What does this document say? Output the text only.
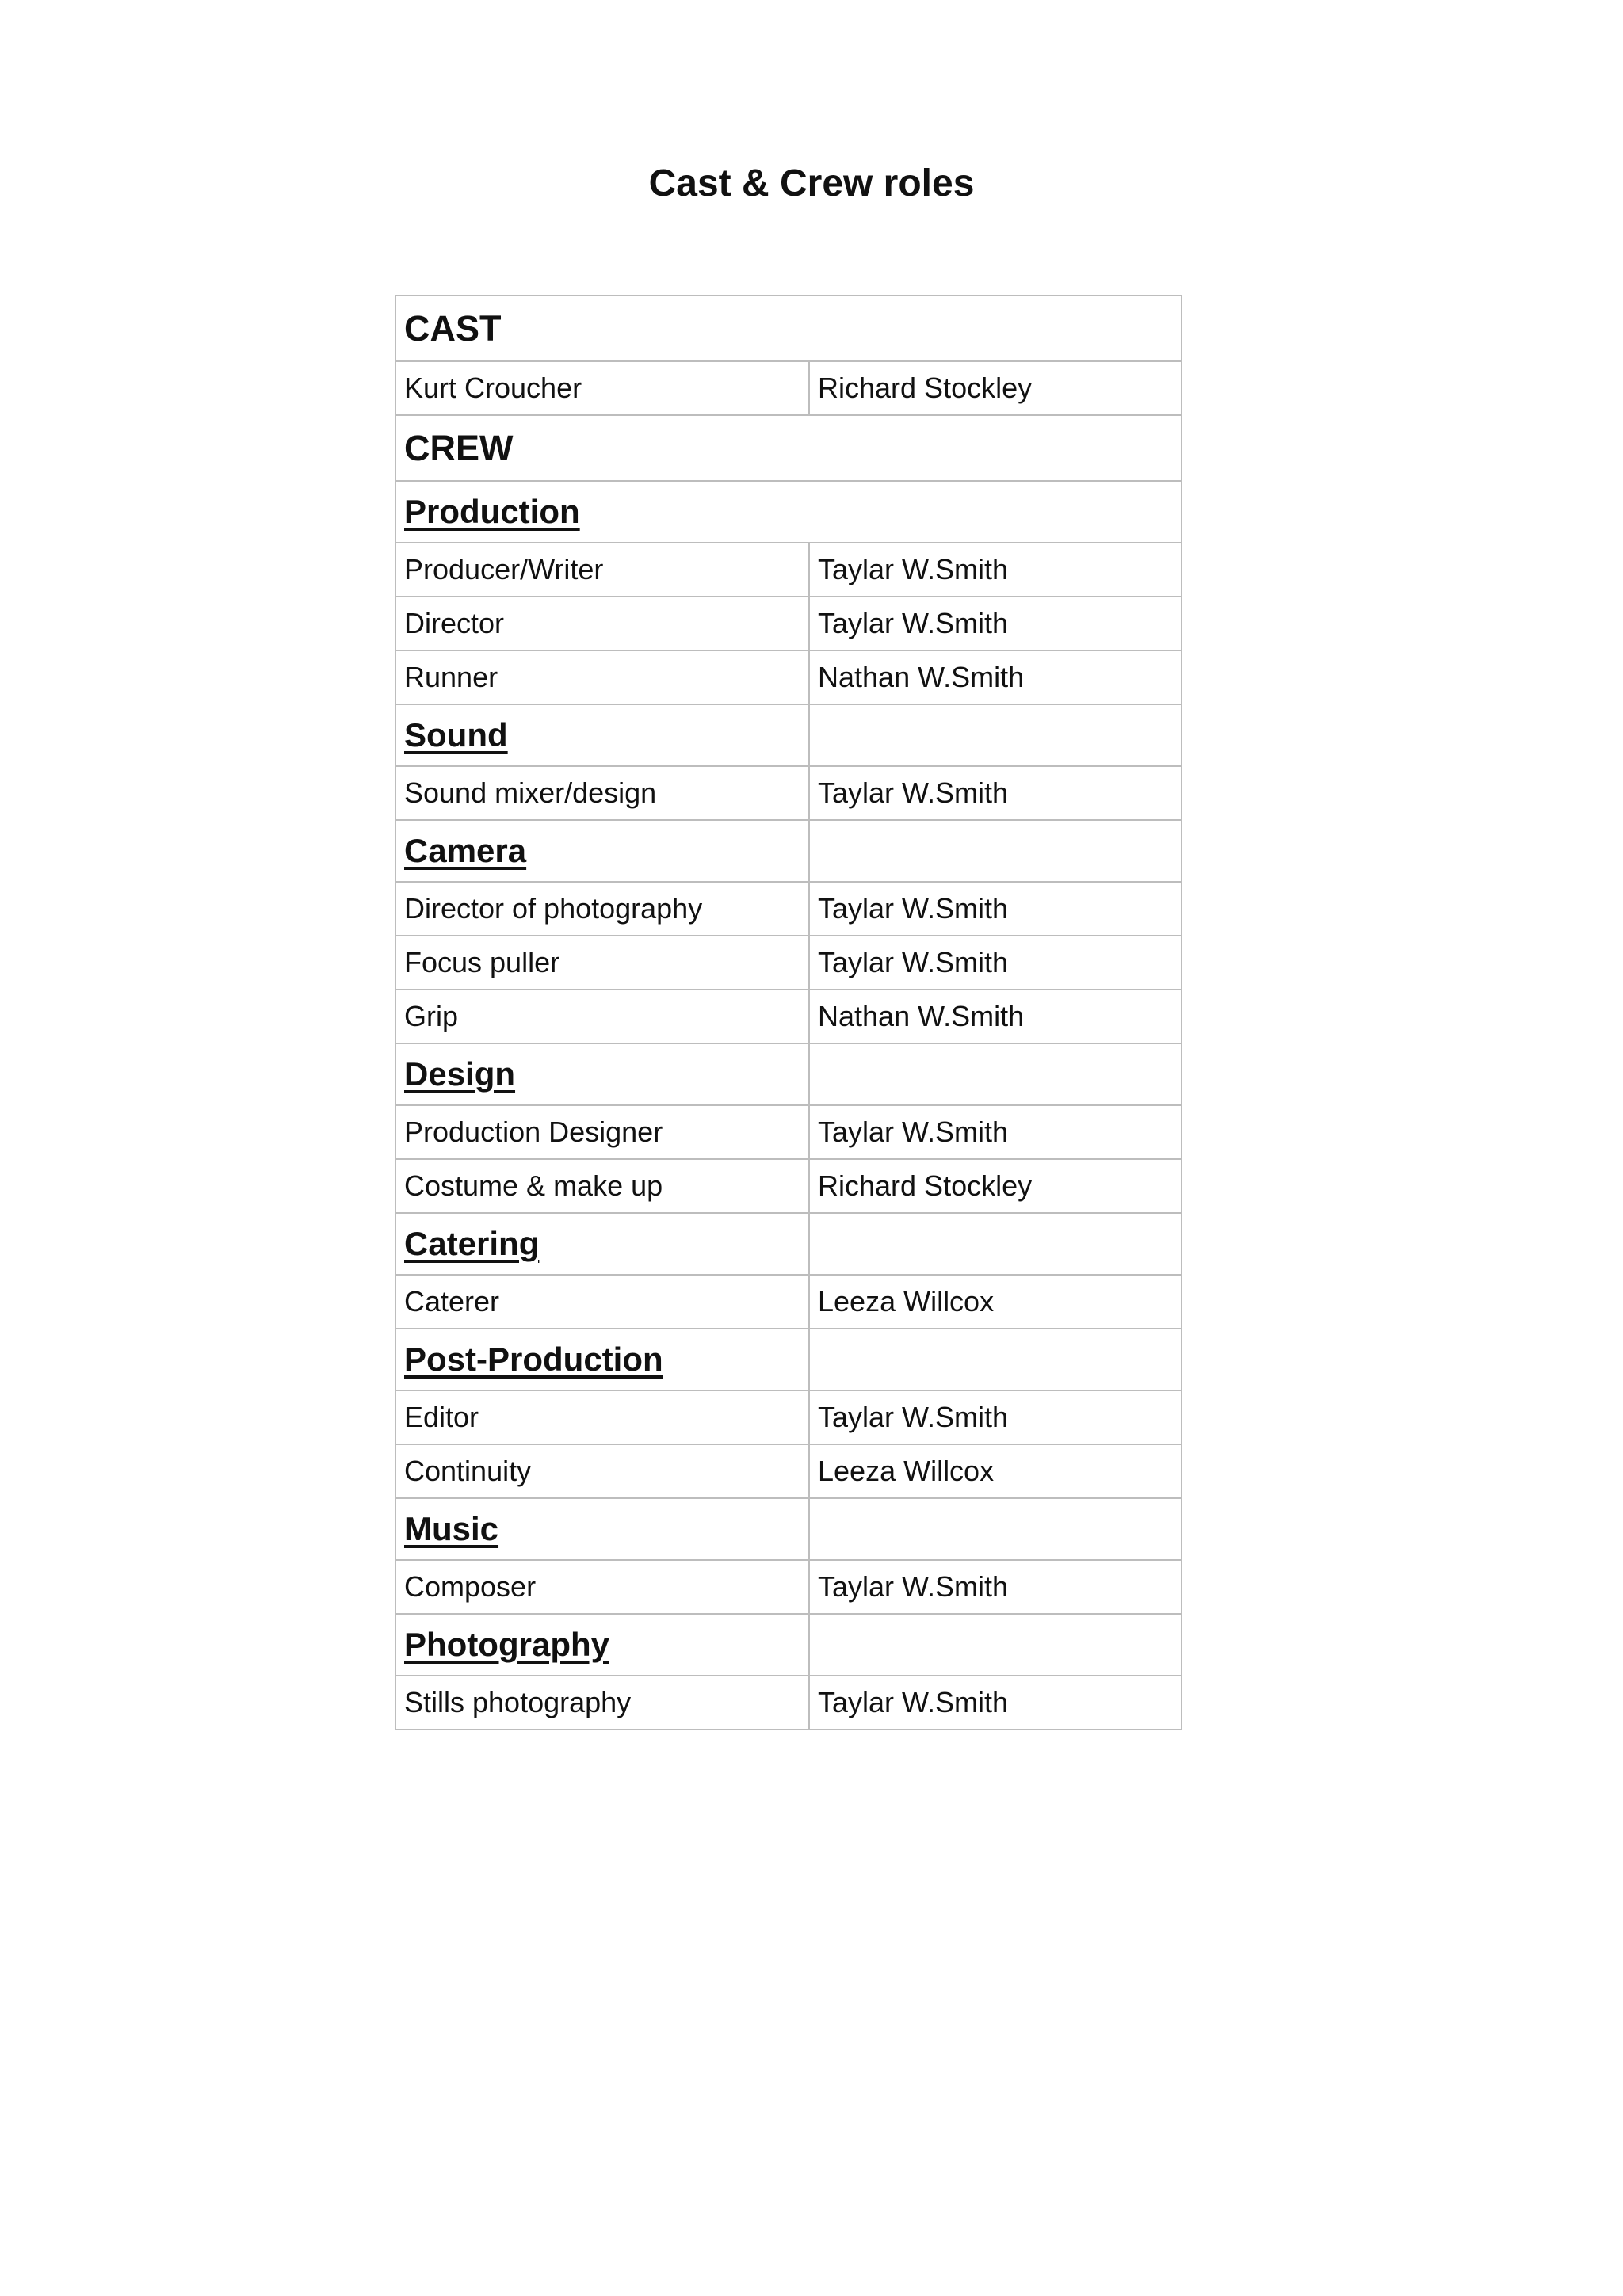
Cast & Crew roles
CAST	
Kurt Croucher	Richard Stockley
CREW	
Production	
Producer/Writer	Taylar W.Smith
Director	Taylar W.Smith
Runner	Nathan W.Smith
Sound	
Sound mixer/design	Taylar W.Smith
Camera	
Director of photography	Taylar W.Smith
Focus puller	Taylar W.Smith
Grip	Nathan W.Smith
Design	
Production Designer	Taylar W.Smith
Costume & make up	Richard Stockley
Catering	
Caterer	Leeza Willcox
Post-Production	
Editor	Taylar W.Smith
Continuity	Leeza Willcox
Music	
Composer	Taylar W.Smith
Photography	
Stills photography	Taylar W.Smith
